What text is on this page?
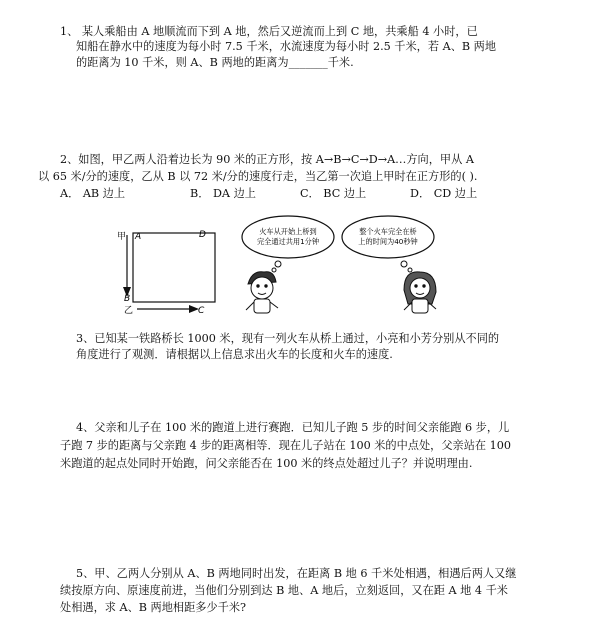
1、 某人乘船由 A 地顺流而下到 A 地，然后又逆流而上到 C 地，共乘船 4 小时，已
知船在静水中的速度为每小时 7.5 千米，水流速度为每小时 2.5 千米，若 A、B 两地
的距离为 10 千米，则 A、B 两地的距离为_______千米.
2、如图，甲乙两人沿着边长为 90 米的正方形，按 A→B→C→D→A…方向，甲从 A
以 65 米/分的速度，乙从 B 以 72 米/分的速度行走，当乙第一次追上甲时在正方形的( ).
A． AB 边上	B． DA 边上	C． BC 边上	D． CD 边上
甲 A	D
B
乙	C
火车从开始上桥到
完全通过共用1分钟
整个火车完全在桥
上的时间为40秒钟
3、已知某一铁路桥长 1000 米，现有一列火车从桥上通过，小亮和小芳分别从不同的
角度进行了观测．请根据以上信息求出火车的长度和火车的速度.
4、父亲和儿子在 100 米的跑道上进行赛跑．已知儿子跑 5 步的时间父亲能跑 6 步，儿
子跑 7 步的距离与父亲跑 4 步的距离相等．现在儿子站在 100 米的中点处，父亲站在 100
米跑道的起点处同时开始跑，问父亲能否在 100 米的终点处超过儿子？并说明理由.
5、甲、乙两人分别从 A、B 两地同时出发，在距离 B 地 6 千米处相遇，相遇后两人又继
续按原方向、原速度前进，当他们分别到达 B 地、A 地后，立刻返回，又在距 A 地 4 千米
处相遇，求 A、B 两地相距多少千米?
